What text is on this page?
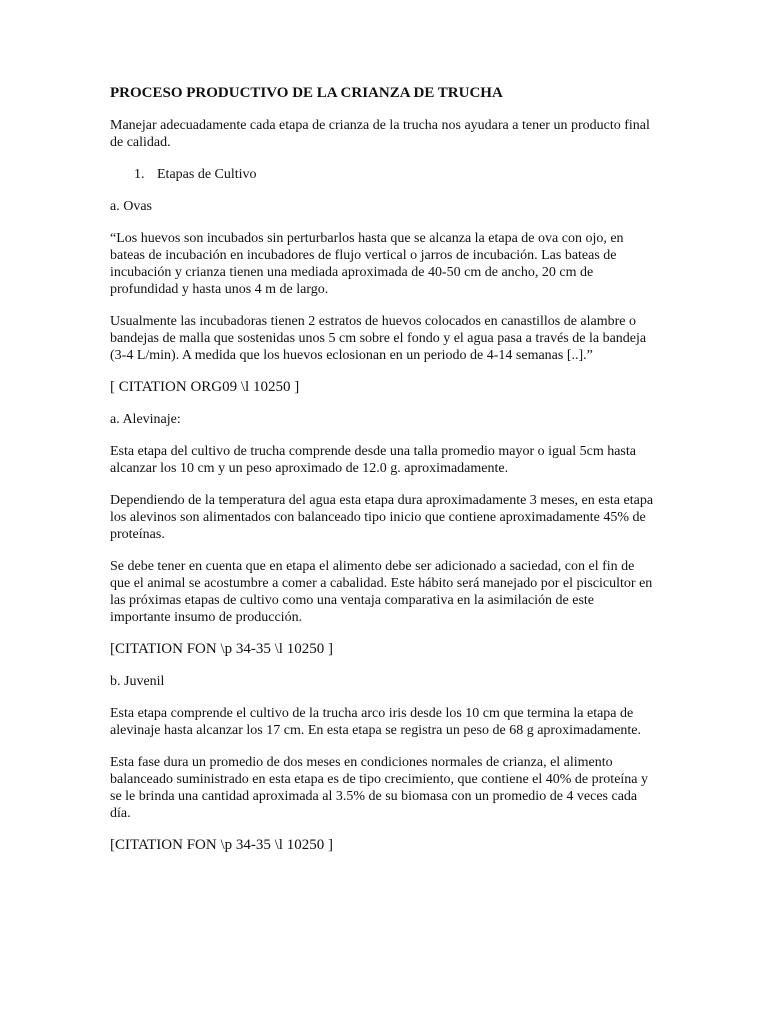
PROCESO PRODUCTIVO DE LA CRIANZA DE TRUCHA

Manejar adecuadamente cada etapa de crianza de la trucha nos ayudara a tener un producto final de calidad.

1. Etapas de Cultivo

a. Ovas

“Los huevos son incubados sin perturbarlos hasta que se alcanza la etapa de ova con ojo, en bateas de incubación en incubadores de flujo vertical o jarros de incubación. Las bateas de incubación y crianza tienen una mediada aproximada de 40-50 cm de ancho, 20 cm de profundidad y hasta unos 4 m de largo.

Usualmente las incubadoras tienen 2 estratos de huevos colocados en canastillos de alambre o bandejas de malla que sostenidas unos 5 cm sobre el fondo y el agua pasa a través de la bandeja (3-4 L/min). A medida que los huevos eclosionan en un periodo de 4-14 semanas [..].”

[ CITATION ORG09 \l 10250 ]

a. Alevinaje:

Esta etapa del cultivo de trucha comprende desde una talla promedio mayor o igual 5cm hasta alcanzar los 10 cm y un peso aproximado de 12.0 g. aproximadamente.

Dependiendo de la temperatura del agua esta etapa dura aproximadamente 3 meses, en esta etapa los alevinos son alimentados con balanceado tipo inicio que contiene aproximadamente 45% de proteínas.

Se debe tener en cuenta que en etapa el alimento debe ser adicionado a saciedad, con el fin de que el animal se acostumbre a comer a cabalidad. Este hábito será manejado por el piscicultor en las próximas etapas de cultivo como una ventaja comparativa en la asimilación de este importante insumo de producción.

[CITATION FON \p 34-35 \l 10250 ]

b. Juvenil

Esta etapa comprende el cultivo de la trucha arco iris desde los 10 cm que termina la etapa de alevinaje hasta alcanzar los 17 cm. En esta etapa se registra un peso de 68 g aproximadamente.

Esta fase dura un promedio de dos meses en condiciones normales de crianza, el alimento balanceado suministrado en esta etapa es de tipo crecimiento, que contiene el 40% de proteína y se le brinda una cantidad aproximada al 3.5% de su biomasa con un promedio de 4 veces cada día.

[CITATION FON \p 34-35 \l 10250 ]
